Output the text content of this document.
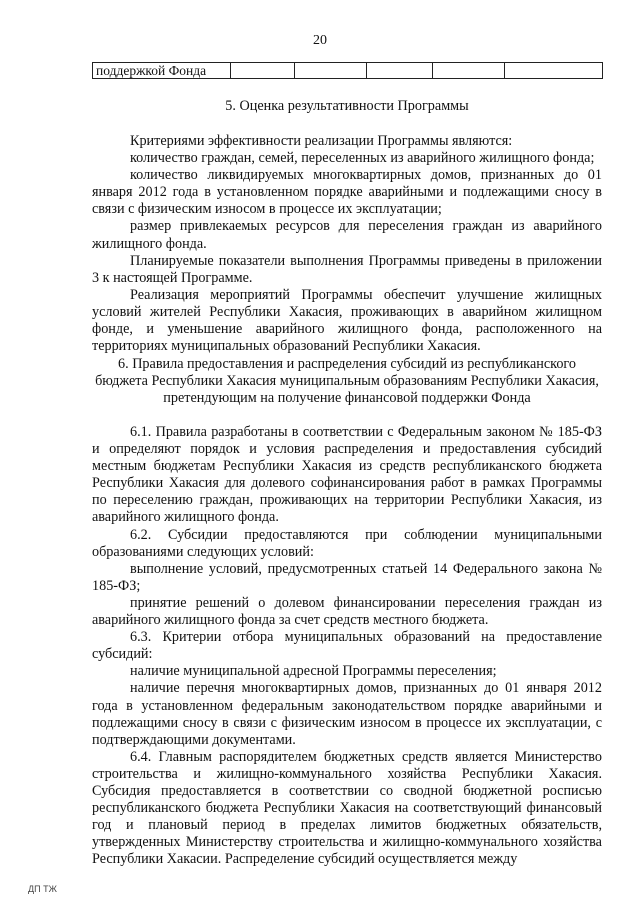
20
поддержкой Фонда					

5. Оценка результативности Программы

Критериями эффективности реализации Программы являются:

количество граждан, семей, переселенных из аварийного жилищного фонда;

количество ликвидируемых многоквартирных домов, признанных до 01 января 2012 года в установленном порядке аварийными и подлежащими сносу в связи с физическим износом в процессе их эксплуатации;

размер привлекаемых ресурсов для переселения граждан из аварийного жилищного фонда.

Планируемые показатели выполнения Программы приведены в приложении 3 к настоящей Программе.

Реализация мероприятий Программы обеспечит улучшение жилищных условий жителей Республики Хакасия, проживающих в аварийном жилищном фонде, и уменьшение аварийного жилищного фонда, расположенного на территориях муниципальных образований Республики Хакасия.

6. Правила предоставления и распределения субсидий из республиканского

бюджета Республики Хакасия муниципальным образованиям Республики Хакасия,

претендующим на получение финансовой поддержки Фонда

6.1. Правила разработаны в соответствии с Федеральным законом № 185-ФЗ и определяют порядок и условия распределения и предоставления субсидий местным бюджетам Республики Хакасия из средств республиканского бюджета Республики Хакасия для долевого софинансирования работ в рамках Программы по переселению граждан, проживающих на территории Республики Хакасия, из аварийного жилищного фонда.

6.2. Субсидии предоставляются при соблюдении муниципальными образованиями следующих условий:

выполнение условий, предусмотренных статьей 14 Федерального закона № 185-ФЗ;

принятие решений о долевом финансировании переселения граждан из аварийного жилищного фонда за счет средств местного бюджета.

6.3. Критерии отбора муниципальных образований на предоставление субсидий:

наличие муниципальной адресной Программы переселения;

наличие перечня многоквартирных домов, признанных до 01 января 2012 года в установленном федеральным законодательством порядке аварийными и подлежащими сносу в связи с физическим износом в процессе их эксплуатации, с подтверждающими документами.

6.4. Главным распорядителем бюджетных средств является Министерство строительства и жилищно-коммунального хозяйства Республики Хакасия. Субсидия предоставляется в соответствии со сводной бюджетной росписью республиканского бюджета Республики Хакасия на соответствующий финансовый год и плановый период в пределах лимитов бюджетных обязательств, утвержденных Министерству строительства и жилищно-коммунального хозяйства Республики Хакасии. Распределение субсидий осуществляется между

ДП ТЖ
